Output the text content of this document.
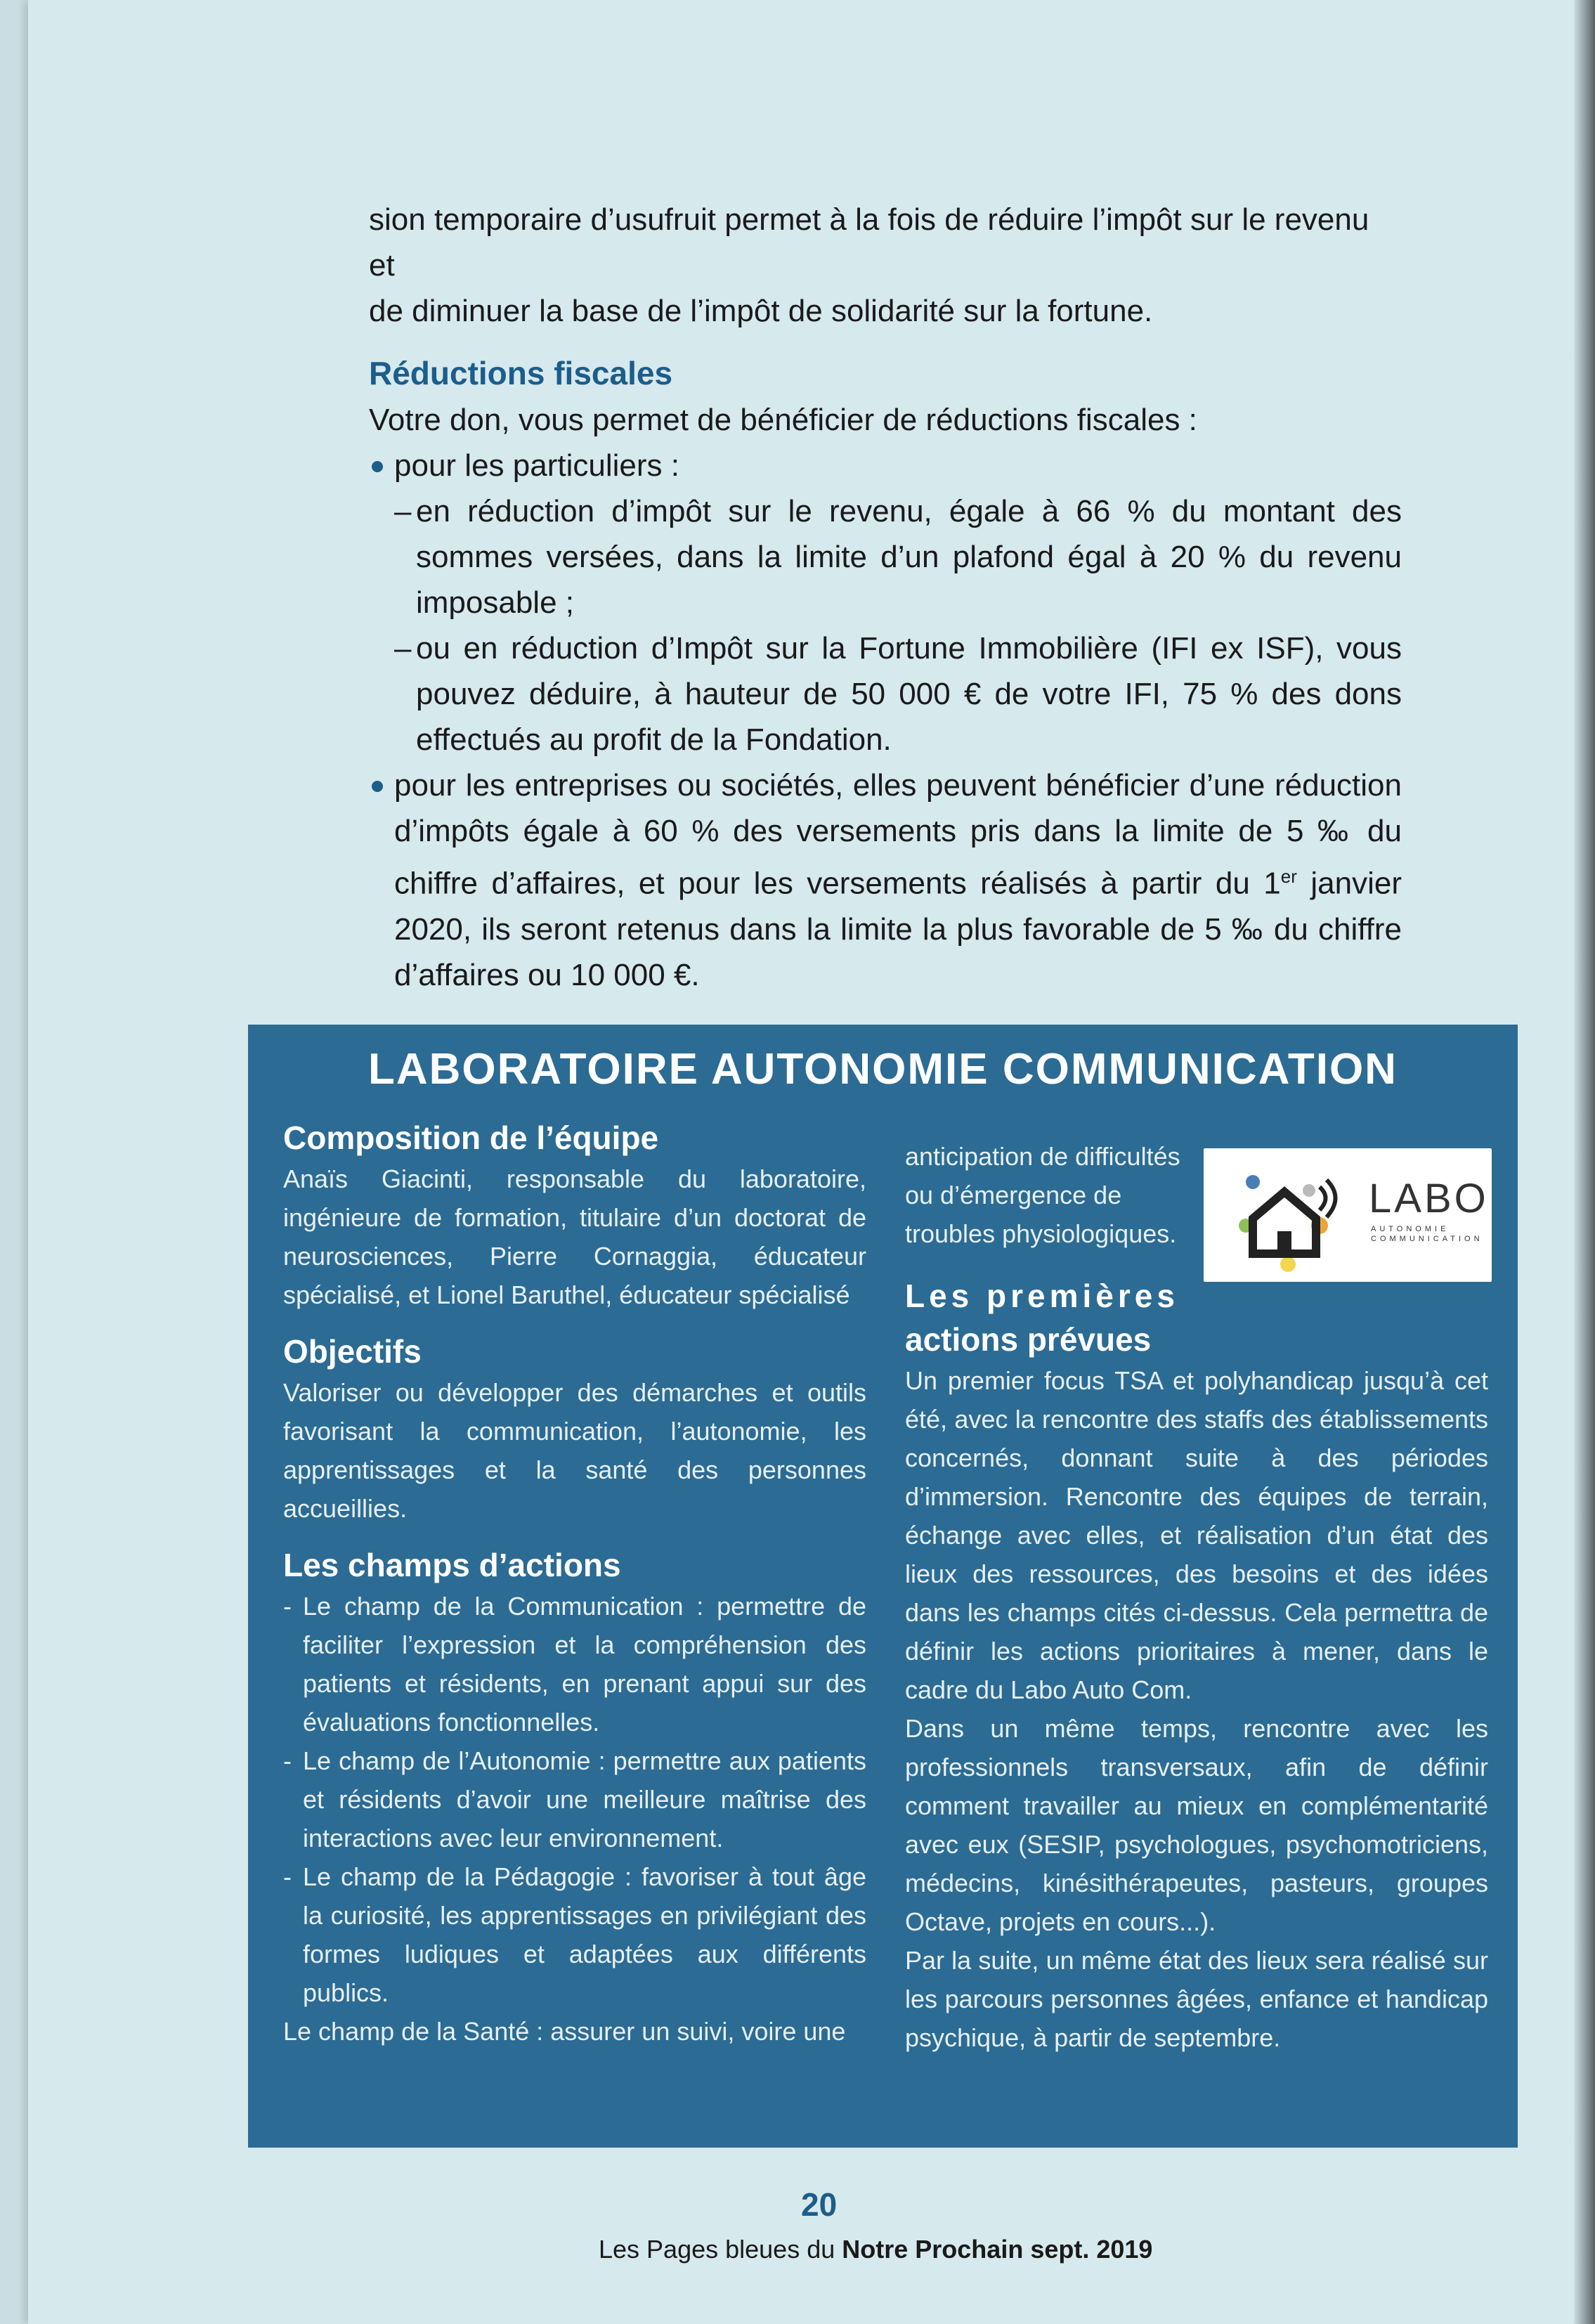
sion temporaire d’usufruit permet à la fois de réduire l’impôt sur le revenu et

de diminuer la base de l’impôt de solidarité sur la fortune.

Réductions fiscales

Votre don, vous permet de bénéficier de réductions fiscales :

pour les particuliers :

– en réduction d’impôt sur le revenu, égale à 66 % du montant des sommes versées, dans la limite d’un plafond égal à 20 % du revenu imposable ;

– ou en réduction d’Impôt sur la Fortune Immobilière (IFI ex ISF), vous pouvez déduire, à hauteur de 50 000 € de votre IFI, 75 % des dons effectués au profit de la Fondation.

pour les entreprises ou sociétés, elles peuvent bénéficier d’une réduction d’impôts égale à 60 % des versements pris dans la limite de 5 ‰ du chiffre d’affaires, et pour les versements réalisés à partir du 1er janvier 2020, ils seront retenus dans la limite la plus favorable de 5 ‰ du chiffre d’affaires ou 10 000 €.

LABORATOIRE AUTONOMIE COMMUNICATION

Composition de l’équipe

Anaïs Giacinti, responsable du laboratoire, ingénieure de formation, titulaire d’un doctorat de neurosciences, Pierre Cornaggia, éducateur spécialisé, et Lionel Baruthel, éducateur spécialisé

Objectifs

Valoriser ou développer des démarches et outils favorisant la communication, l’autonomie, les apprentissages et la santé des personnes accueillies.

Les champs d’actions

- Le champ de la Communication : permettre de faciliter l’expression et la compréhension des patients et résidents, en prenant appui sur des évaluations fonctionnelles.

- Le champ de l’Autonomie : permettre aux patients et résidents d’avoir une meilleure maîtrise des interactions avec leur environnement.

- Le champ de la Pédagogie : favoriser à tout âge la curiosité, les apprentissages en privilégiant des formes ludiques et adaptées aux différents publics.

Le champ de la Santé : assurer un suivi, voire une

anticipation de difficultés ou d’émergence de troubles physiologiques.

Les premières

actions prévues

Un premier focus TSA et polyhandicap jusqu’à cet été, avec la rencontre des staffs des établissements concernés, donnant suite à des périodes d’immersion. Rencontre des équipes de terrain, échange avec elles, et réalisation d’un état des lieux des ressources, des besoins et des idées dans les champs cités ci-dessus. Cela permettra de définir les actions prioritaires à mener, dans le cadre du Labo Auto Com.

Dans un même temps, rencontre avec les professionnels transversaux, afin de définir comment travailler au mieux en complémentarité avec eux (SESIP, psychologues, psychomotriciens, médecins, kinésithérapeutes, pasteurs, groupes Octave, projets en cours...).

Par la suite, un même état des lieux sera réalisé sur les parcours personnes âgées, enfance et handicap psychique, à partir de septembre.

LABO
AUTONOMIE COMMUNICATION
20
Les Pages bleues du Notre Prochain sept. 2019
